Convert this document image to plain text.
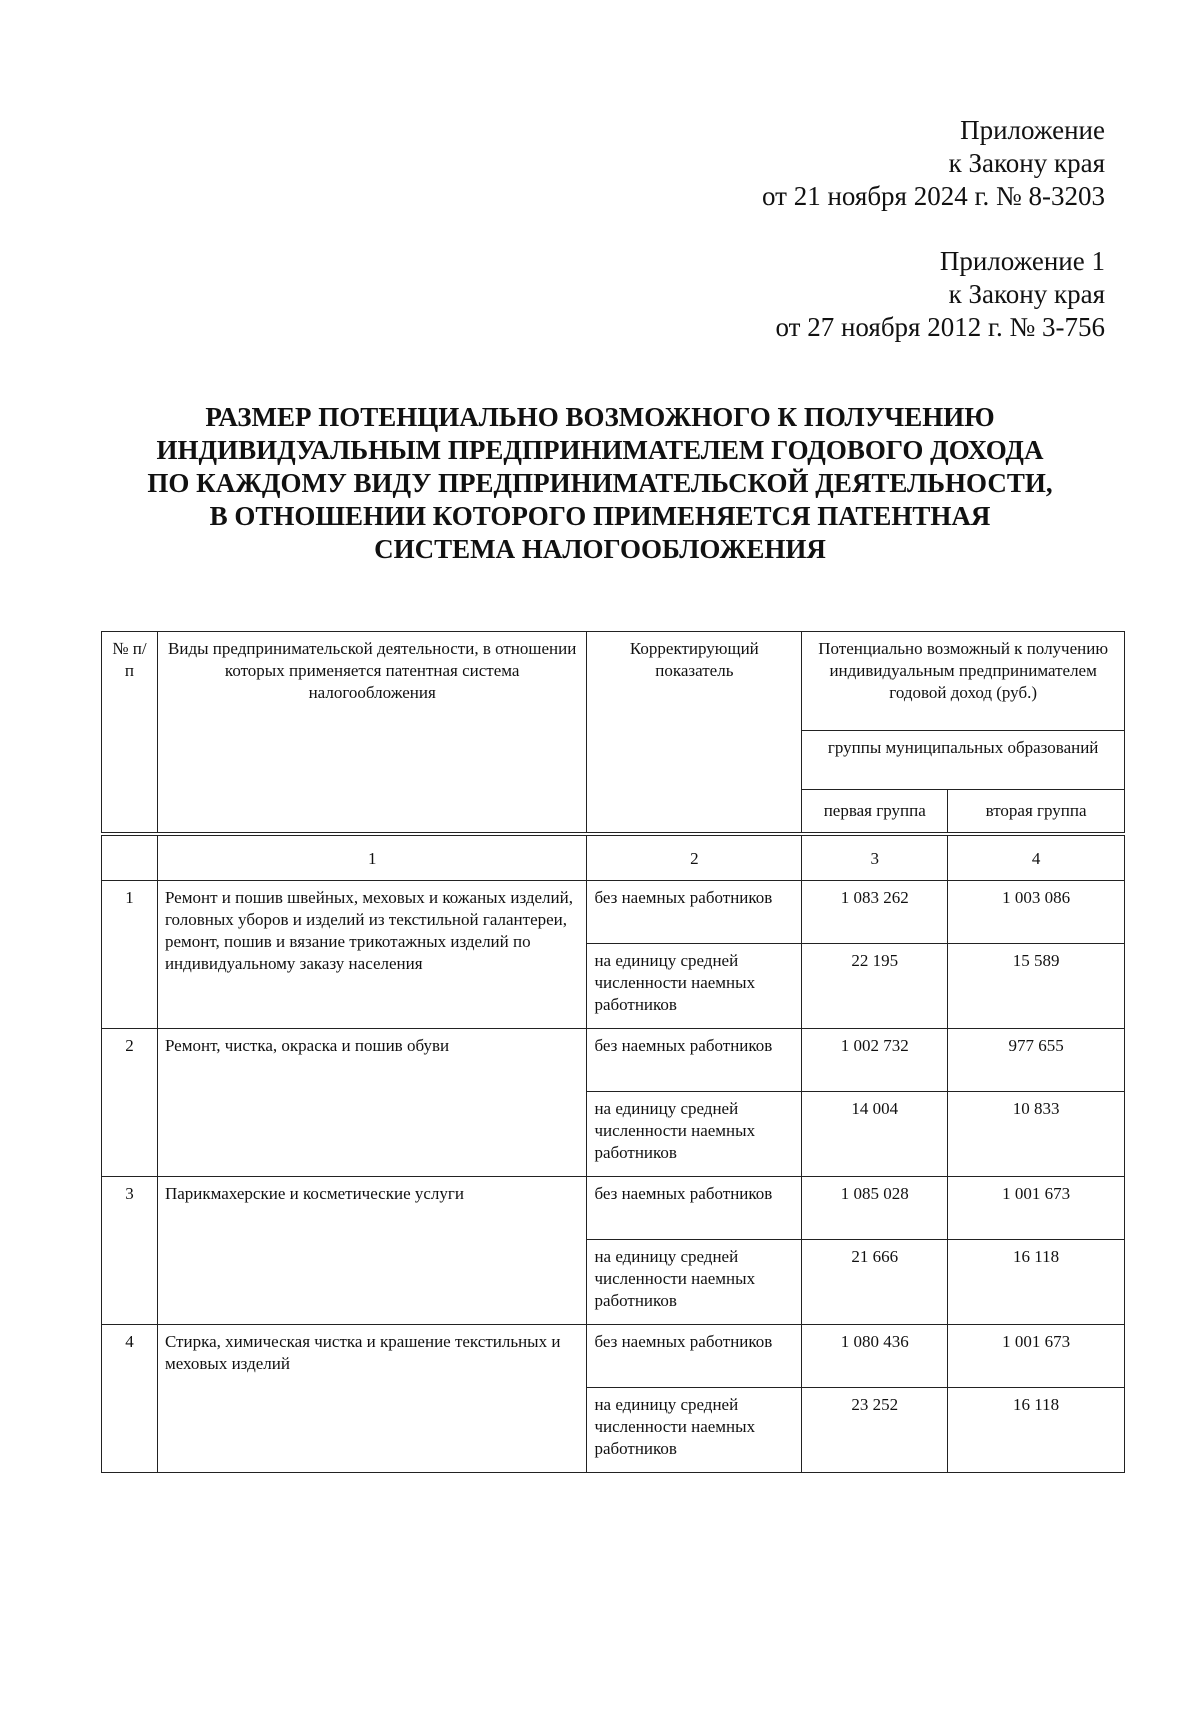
Приложение
к Закону края
от 21 ноября 2024 г. № 8-3203
Приложение 1
к Закону края
от 27 ноября 2012 г. № 3-756
РАЗМЕР ПОТЕНЦИАЛЬНО ВОЗМОЖНОГО К ПОЛУЧЕНИЮ
ИНДИВИДУАЛЬНЫМ ПРЕДПРИНИМАТЕЛЕМ ГОДОВОГО ДОХОДА
ПО КАЖДОМУ ВИДУ ПРЕДПРИНИМАТЕЛЬСКОЙ ДЕЯТЕЛЬНОСТИ,
В ОТНОШЕНИИ КОТОРОГО ПРИМЕНЯЕТСЯ ПАТЕНТНАЯ
СИСТЕМА НАЛОГООБЛОЖЕНИЯ
№ п/п	Виды предпринимательской деятельности, в отношении которых применяется патентная система налогообложения	Корректирующий показатель	Потенциально возможный к получению индивидуальным предпринимателем годовой доход (руб.)	
			группы муниципальных образований	
			первая группа	вторая группа
	1	2	3	4
1	Ремонт и пошив швейных, меховых и кожаных изделий, головных уборов и изделий из текстильной галантереи, ремонт, пошив и вязание трикотажных изделий по индивидуальному заказу населения	без наемных работников	1 083 262	1 003 086
		на единицу средней численности наемных работников	22 195	15 589
2	Ремонт, чистка, окраска и пошив обуви	без наемных работников	1 002 732	977 655
		на единицу средней численности наемных работников	14 004	10 833
3	Парикмахерские и косметические услуги	без наемных работников	1 085 028	1 001 673
		на единицу средней численности наемных работников	21 666	16 118
4	Стирка, химическая чистка и крашение текстильных и меховых изделий	без наемных работников	1 080 436	1 001 673
		на единицу средней численности наемных работников	23 252	16 118
